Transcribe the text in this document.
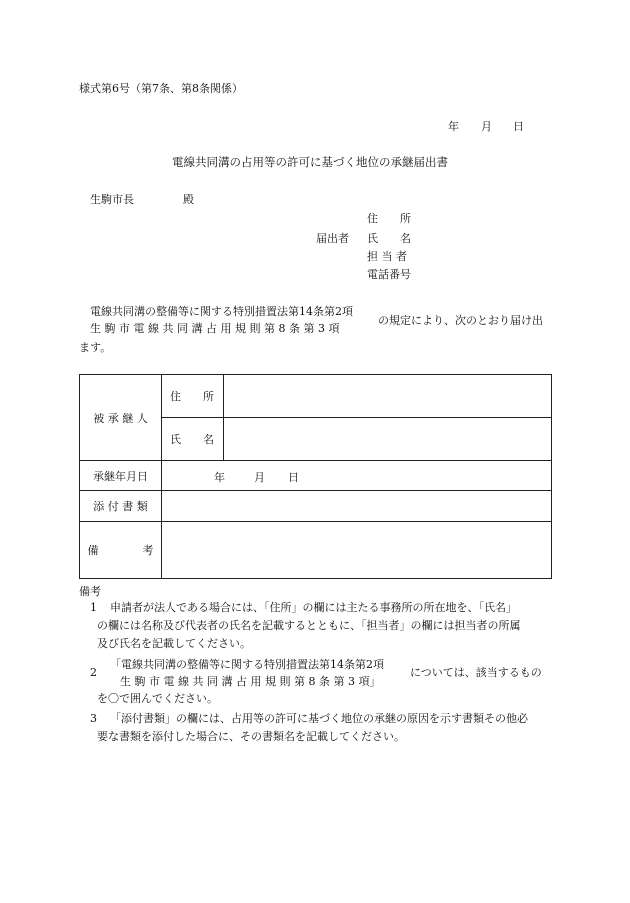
様式第6号（第7条、第8条関係）
年 月 日
電線共同溝の占用等の許可に基づく地位の承継届出書
生駒市長	殿
届出者
住　　所
氏　　名
担 当 者
電話番号
電線共同溝の整備等に関する特別措置法第14条第2項
生 駒 市 電 線 共 同 溝 占 用 規 則 第 8 条 第 3 項
の規定により、次のとおり届け出
ます。
被 承 継 人	住　　所	
	氏　　名	
承継年月日	年 月 日	

添 付 書 類		
備　　　　考		
備考
1 申請者が法人である場合には、「住所」の欄には主たる事務所の所在地を、「氏名」
の欄には名称及び代表者の氏名を記載するとともに、「担当者」の欄には担当者の所属
及び氏名を記載してください。
2
「電線共同溝の整備等に関する特別措置法第14条第2項
生 駒 市 電 線 共 同 溝 占 用 規 則 第 8 条 第 3 項」
については、該当するもの
を〇で囲んでください。
3 「添付書類」の欄には、占用等の許可に基づく地位の承継の原因を示す書類その他必
要な書類を添付した場合に、その書類名を記載してください。
